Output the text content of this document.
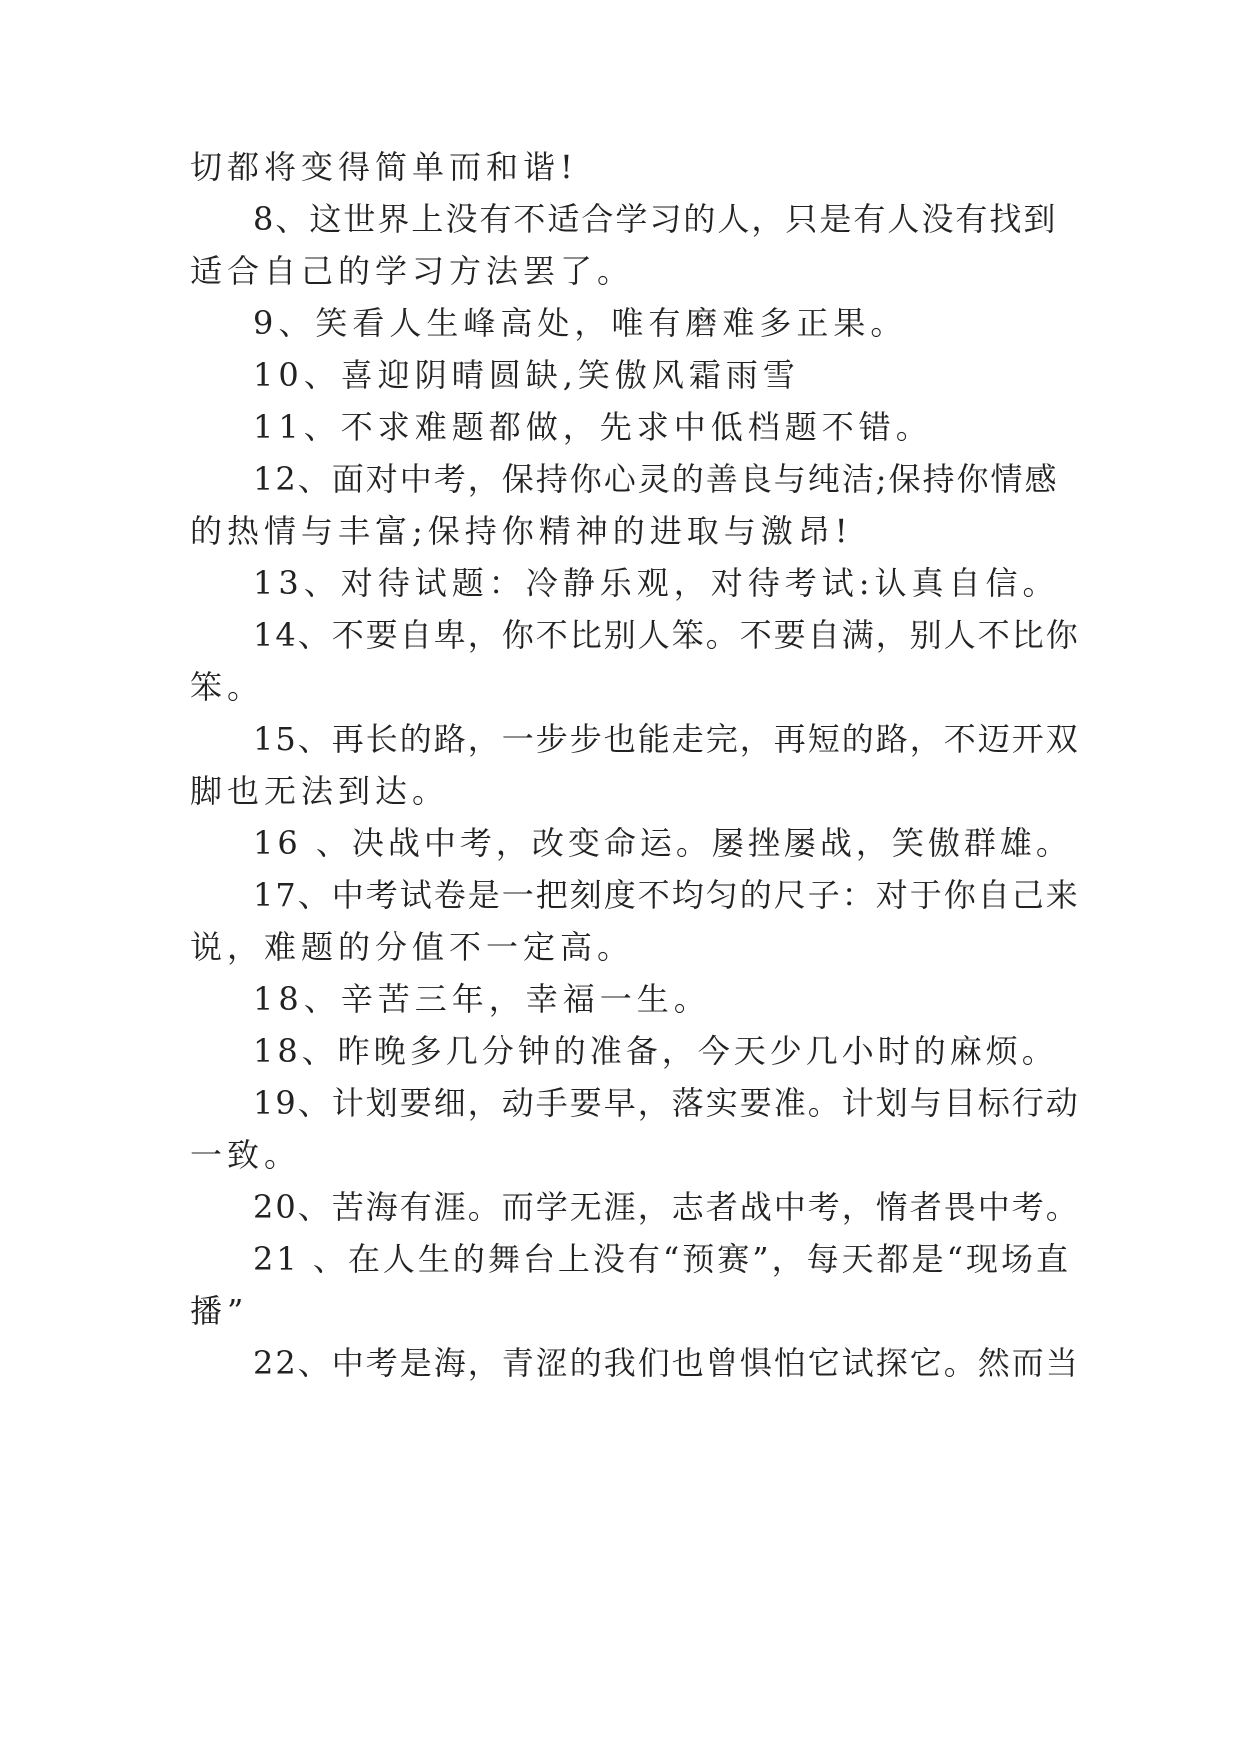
切都将变得简单而和谐!
8、这世界上没有不适合学习的人，只是有人没有找到
适合自己的学习方法罢了。
9、笑看人生峰高处，唯有磨难多正果。
10、喜迎阴晴圆缺,笑傲风霜雨雪
11、不求难题都做，先求中低档题不错。
12、面对中考，保持你心灵的善良与纯洁;保持你情感
的热情与丰富;保持你精神的进取与激昂!
13、对待试题：冷静乐观，对待考试:认真自信。
14、不要自卑，你不比别人笨。不要自满，别人不比你
笨。
15、再长的路，一步步也能走完，再短的路，不迈开双
脚也无法到达。
16 、决战中考，改变命运。屡挫屡战，笑傲群雄。
17、中考试卷是一把刻度不均匀的尺子：对于你自己来
说，难题的分值不一定高。
18、辛苦三年，幸福一生。
18、昨晚多几分钟的准备，今天少几小时的麻烦。
19、计划要细，动手要早，落实要准。计划与目标行动
一致。
20、苦海有涯。而学无涯，志者战中考，惰者畏中考。
21 、在人生的舞台上没有“预赛”，每天都是“现场直
播”
22、中考是海，青涩的我们也曾惧怕它试探它。然而当
